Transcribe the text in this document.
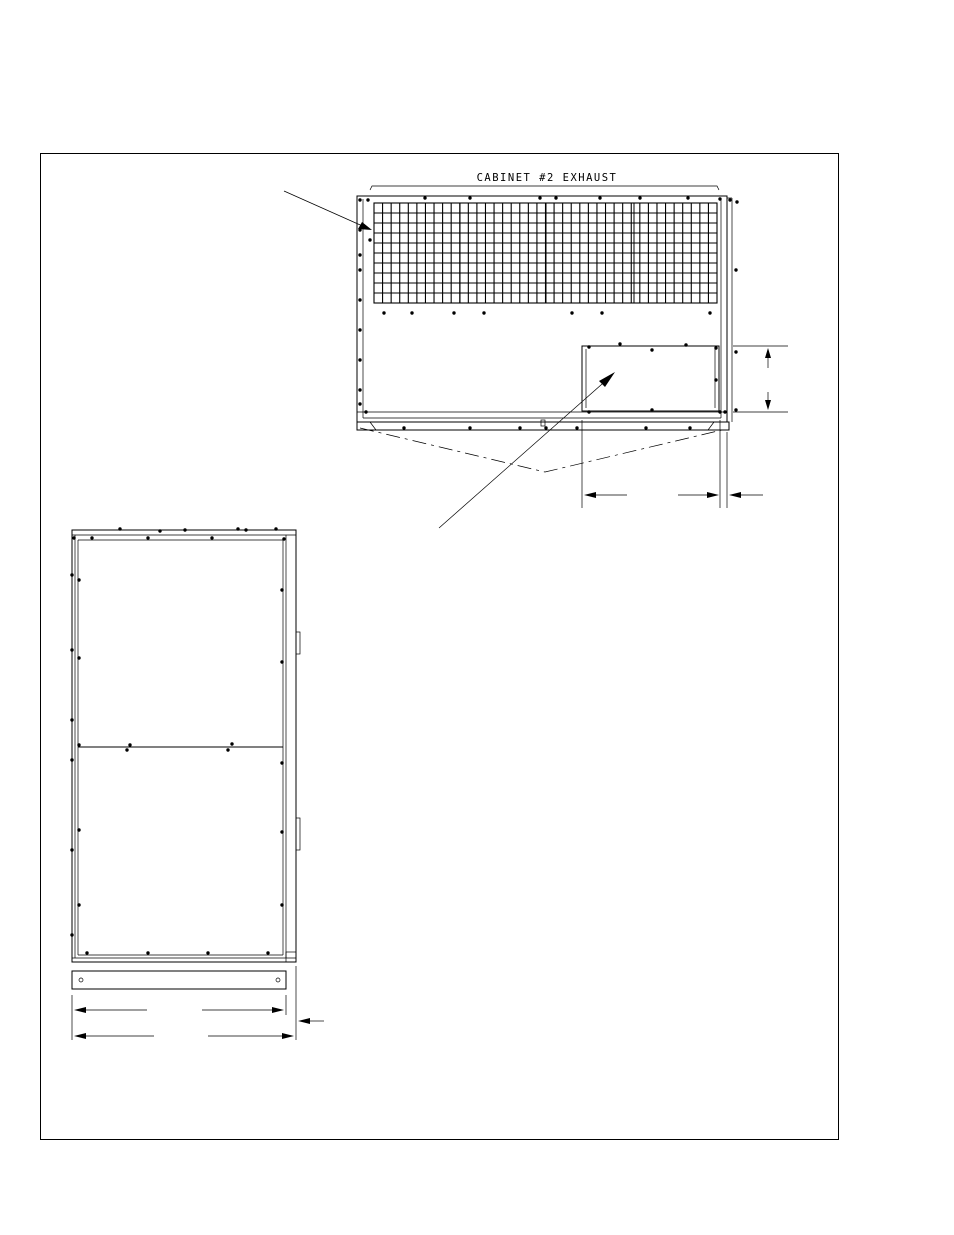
CABINET #2 EXHAUST
